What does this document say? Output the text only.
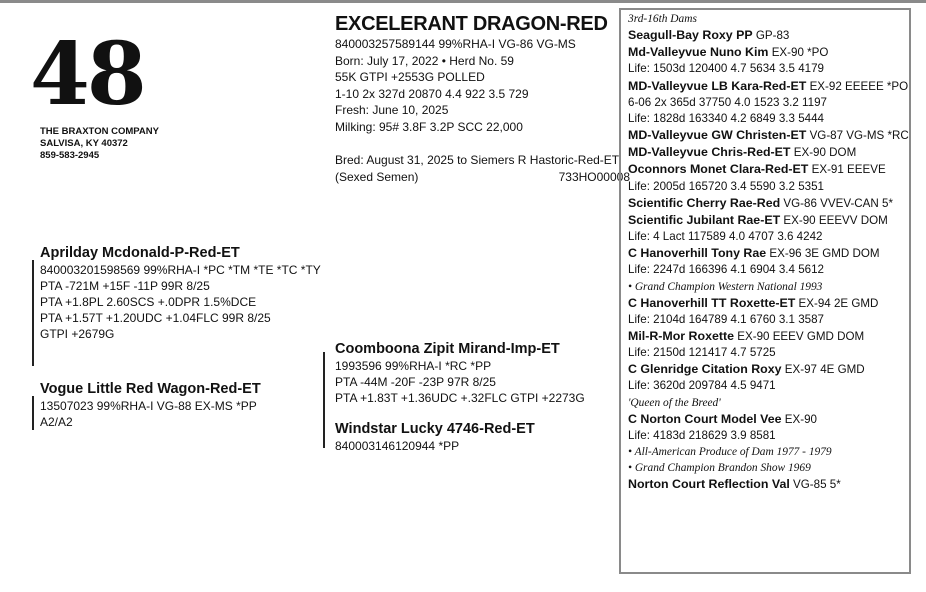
48
THE BRAXTON COMPANY
SALVISA, KY 40372
859-583-2945
EXCELERANT DRAGON-RED
840003257589144 99%RHA-I VG-86 VG-MS
Born: July 17, 2022 • Herd No. 59
55K GTPI +2553G POLLED
1-10 2x 327d 20870 4.4 922 3.5 729
Fresh: June 10, 2025
Milking: 95# 3.8F 3.2P SCC 22,000
Bred: August 31, 2025 to Siemers R Hastoric-Red-ET
(Sexed Semen)	733HO00008
Aprilday Mcdonald-P-Red-ET
840003201598569 99%RHA-I *PC *TM *TE *TC *TY
PTA -721M +15F -11P 99R 8/25
PTA +1.8PL 2.60SCS +.0DPR 1.5%DCE
PTA +1.57T +1.20UDC +1.04FLC 99R 8/25
GTPI +2679G
Vogue Little Red Wagon-Red-ET
13507023 99%RHA-I VG-88 EX-MS *PP
A2/A2
Coomboona Zipit Mirand-Imp-ET
1993596 99%RHA-I *RC *PP
PTA -44M -20F -23P 97R 8/25
PTA +1.83T +1.36UDC +.32FLC GTPI +2273G
Windstar Lucky 4746-Red-ET
840003146120944 *PP
3rd-16th Dams
Seagull-Bay Roxy PP GP-83
Md-Valleyvue Nuno Kim EX-90 *PO
Life: 1503d 120400 4.7 5634 3.5 4179
MD-Valleyvue LB Kara-Red-ET EX-92 EEEEE *PO
6-06 2x 365d 37750 4.0 1523 3.2 1197
Life: 1828d 163340 4.2 6849 3.3 5444
MD-Valleyvue GW Christen-ET VG-87 VG-MS *RC
MD-Valleyvue Chris-Red-ET EX-90 DOM
Oconnors Monet Clara-Red-ET EX-91 EEEVE
Life: 2005d 165720 3.4 5590 3.2 5351
Scientific Cherry Rae-Red VG-86 VVEV-CAN 5*
Scientific Jubilant Rae-ET EX-90 EEEVV DOM
Life: 4 Lact 117589 4.0 4707 3.6 4242
C Hanoverhill Tony Rae EX-96 3E GMD DOM
Life: 2247d 166396 4.1 6904 3.4 5612
• Grand Champion Western National 1993
C Hanoverhill TT Roxette-ET EX-94 2E GMD
Life: 2104d 164789 4.1 6760 3.1 3587
Mil-R-Mor Roxette EX-90 EEEV GMD DOM
Life: 2150d 121417 4.7 5725
C Glenridge Citation Roxy EX-97 4E GMD
Life: 3620d 209784 4.5 9471
'Queen of the Breed'
C Norton Court Model Vee EX-90
Life: 4183d 218629 3.9 8581
• All-American Produce of Dam 1977 - 1979
• Grand Champion Brandon Show 1969
Norton Court Reflection Val VG-85 5*
